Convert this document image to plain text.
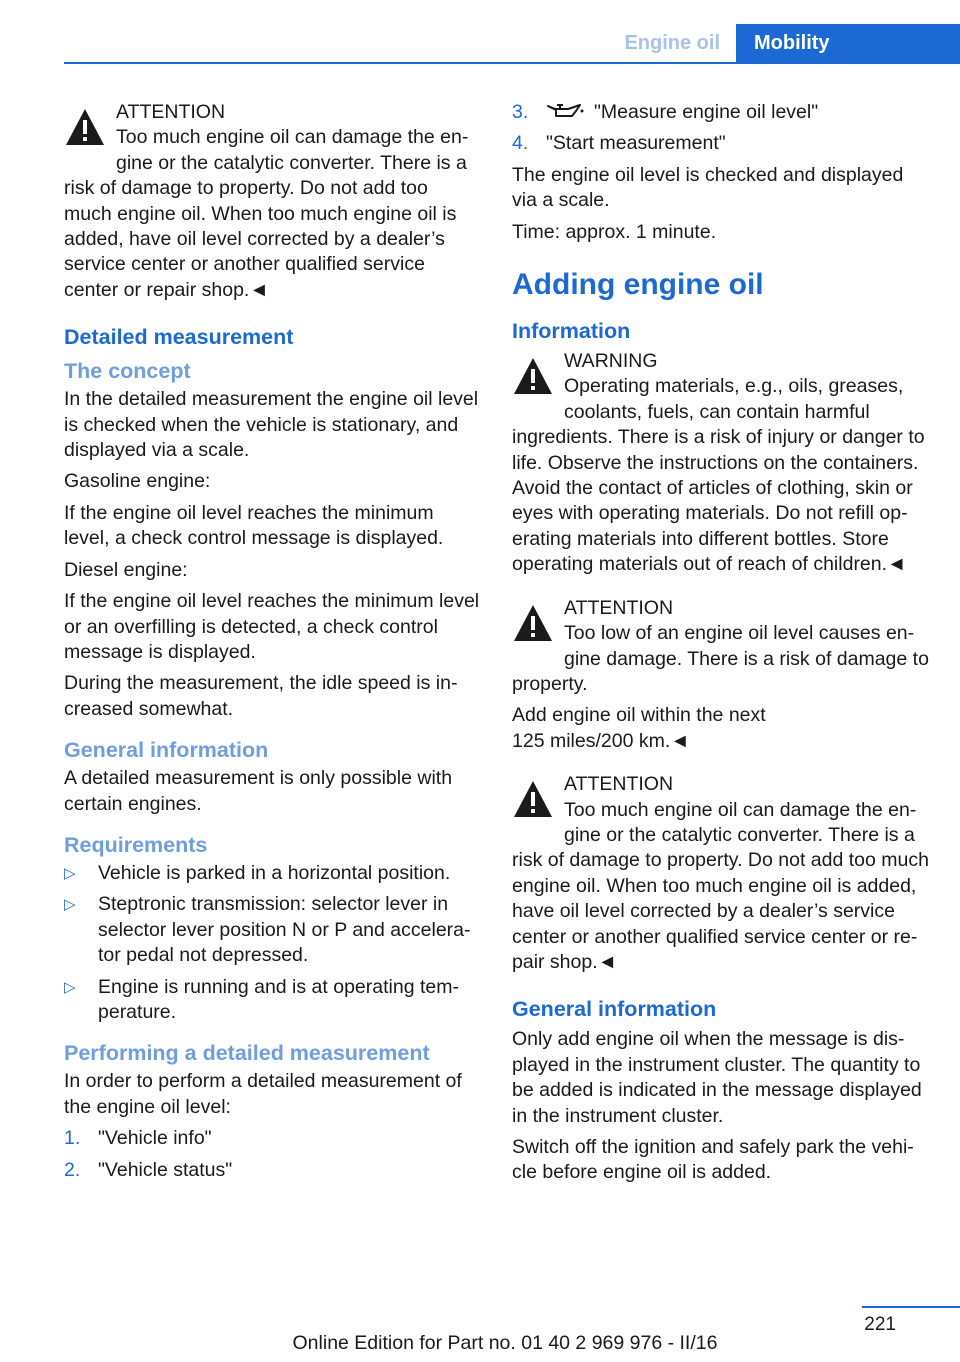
Engine oil	Mobility
ATTENTION
Too much engine oil can damage the engine or the catalytic converter. There is a risk of damage to property. Do not add too much engine oil. When too much engine oil is added, have oil level corrected by a dealer’s service center or another qualified service center or repair shop.◄
Detailed measurement
The concept

In the detailed measurement the engine oil level is checked when the vehicle is stationary, and displayed via a scale.

Gasoline engine:

If the engine oil level reaches the minimum level, a check control message is displayed.

Diesel engine:

If the engine oil level reaches the minimum level or an overfilling is detected, a check control message is displayed.

During the measurement, the idle speed is increased somewhat.

General information

A detailed measurement is only possible with certain engines.

Requirements
▷ Vehicle is parked in a horizontal position.
▷ Steptronic transmission: selector lever in selector lever position N or P and accelerator pedal not depressed.
▷ Engine is running and is at operating temperature.
Performing a detailed measurement

In order to perform a detailed measurement of the engine oil level:

1. "Vehicle info"
2. "Vehicle status"
3.	"Measure engine oil level"
4. "Start measurement"

The engine oil level is checked and displayed via a scale.

Time: approx. 1 minute.

Adding engine oil
Information
WARNING
Operating materials, e.g., oils, greases, coolants, fuels, can contain harmful ingredients. There is a risk of injury or danger to life. Observe the instructions on the containers. Avoid the contact of articles of clothing, skin or eyes with operating materials. Do not refill operating materials into different bottles. Store operating materials out of reach of children.◄
ATTENTION
Too low of an engine oil level causes engine damage. There is a risk of damage to property.

Add engine oil within the next

125 miles/200 km.◄

ATTENTION
Too much engine oil can damage the engine or the catalytic converter. There is a risk of damage to property. Do not add too much engine oil. When too much engine oil is added, have oil level corrected by a dealer’s service center or another qualified service center or repair shop.◄
General information

Only add engine oil when the message is displayed in the instrument cluster. The quantity to be added is indicated in the message displayed in the instrument cluster.

Switch off the ignition and safely park the vehicle before engine oil is added.

221
Online Edition for Part no. 01 40 2 969 976 - II/16
